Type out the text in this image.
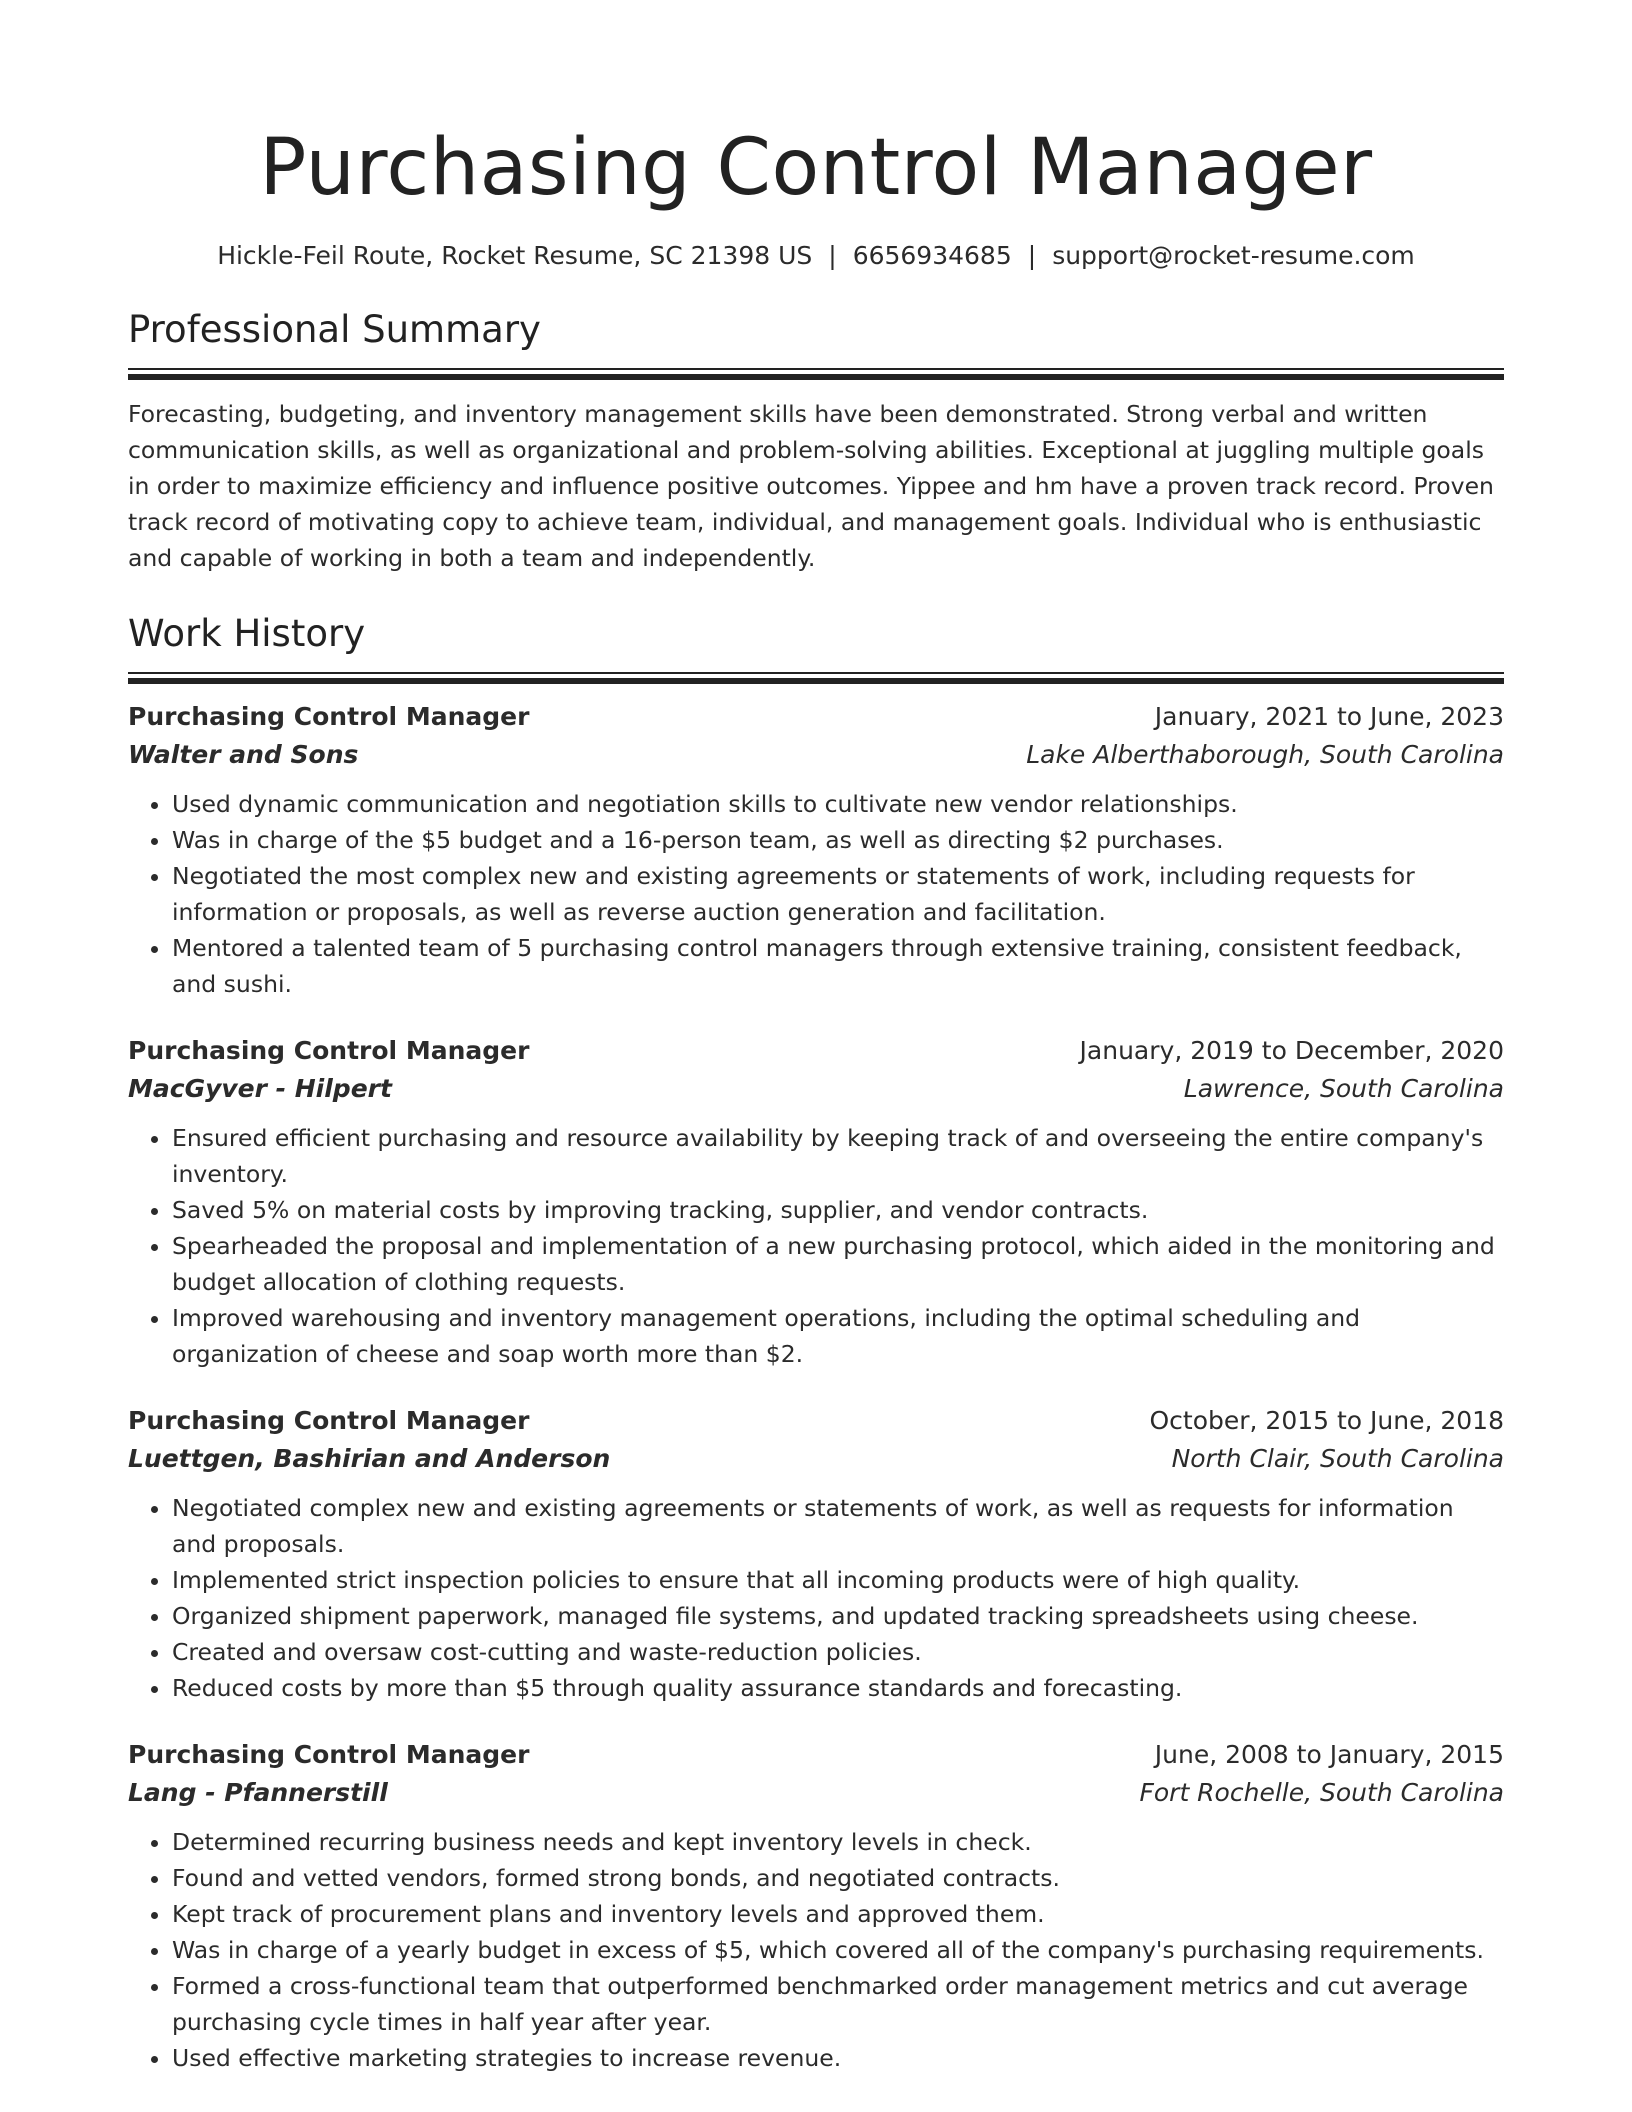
Purchasing Control Manager
Hickle-Feil Route, Rocket Resume, SC 21398 US | 6656934685 | support@rocket-resume.com
Professional Summary
Forecasting, budgeting, and inventory management skills have been demonstrated. Strong verbal and written communication skills, as well as organizational and problem-solving abilities. Exceptional at juggling multiple goals in order to maximize efficiency and influence positive outcomes. Yippee and hm have a proven track record. Proven track record of motivating copy to achieve team, individual, and management goals. Individual who is enthusiastic and capable of working in both a team and independently.
Work History
Purchasing Control Manager	January, 2021 to June, 2023
Walter and Sons	Lake Alberthaborough, South Carolina
• Used dynamic communication and negotiation skills to cultivate new vendor relationships.
• Was in charge of the $5 budget and a 16-person team, as well as directing $2 purchases.
• Negotiated the most complex new and existing agreements or statements of work, including requests for information or proposals, as well as reverse auction generation and facilitation.
• Mentored a talented team of 5 purchasing control managers through extensive training, consistent feedback, and sushi.
Purchasing Control Manager	January, 2019 to December, 2020
MacGyver - Hilpert	Lawrence, South Carolina
• Ensured efficient purchasing and resource availability by keeping track of and overseeing the entire company's inventory.
• Saved 5% on material costs by improving tracking, supplier, and vendor contracts.
• Spearheaded the proposal and implementation of a new purchasing protocol, which aided in the monitoring and budget allocation of clothing requests.
• Improved warehousing and inventory management operations, including the optimal scheduling and organization of cheese and soap worth more than $2.
Purchasing Control Manager	October, 2015 to June, 2018
Luettgen, Bashirian and Anderson	North Clair, South Carolina
• Negotiated complex new and existing agreements or statements of work, as well as requests for information and proposals.
• Implemented strict inspection policies to ensure that all incoming products were of high quality.
• Organized shipment paperwork, managed file systems, and updated tracking spreadsheets using cheese.
• Created and oversaw cost-cutting and waste-reduction policies.
• Reduced costs by more than $5 through quality assurance standards and forecasting.
Purchasing Control Manager	June, 2008 to January, 2015
Lang - Pfannerstill	Fort Rochelle, South Carolina
• Determined recurring business needs and kept inventory levels in check.
• Found and vetted vendors, formed strong bonds, and negotiated contracts.
• Kept track of procurement plans and inventory levels and approved them.
• Was in charge of a yearly budget in excess of $5, which covered all of the company's purchasing requirements.
• Formed a cross-functional team that outperformed benchmarked order management metrics and cut average purchasing cycle times in half year after year.
• Used effective marketing strategies to increase revenue.
